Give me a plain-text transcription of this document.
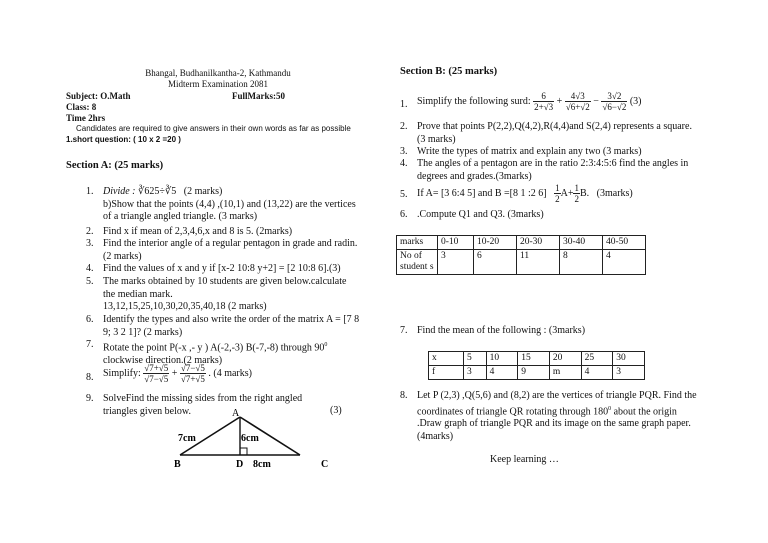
Bhangal, Budhanilkantha-2, Kathmandu
Midterm Examination 2081
Subject: O.Math	FullMarks:50
Class: 8
Time 2hrs
Candidates are required to give answers in their own words as far as possible
1.short question: ( 10 x 2 =20 )
Section A: (25 marks)
1. Divide : ∛625÷∛5 (2 marks)
b)Show that the points (4,4) ,(10,1) and (13,22) are the vertices of a triangle angled triangle. (3 marks)
2. Find x if mean of 2,3,4,6,x and 8 is 5. (2marks)
3. Find the interior angle of a regular pentagon in grade and radin. (2 marks)
4. Find the values of x and y if [x-2 10:8 y+2] = [2 10:8 6].(3)
5. The marks obtained by 10 students are given below.calculate the median mark.
13,12,15,25,10,30,20,35,40,18 (2 marks)
6. Identify the types and also write the order of the matrix A = [7 8 9; 3 2 1]? (2 marks)
7. Rotate the point P(-x ,- y ) A(-2,-3) B(-7,-8) through $90^0$
clockwise direction.(2 marks)
8. Simplify: $\frac{√7+√5}{√7-√5} + \frac{√7-√5}{√7+√5}$ . (4 marks)
9. SolveFind the missing sides from the right angled triangles given below.	(3)
A
B	C
D
7cm	6cm
8cm
Section B: (25 marks)
1. Simplify the following surd: $\frac{6}{2+√3} + \frac{4√3}{√6+√2} - \frac{3√2}{√6-√2} (3)$
2. Prove that points P(2,2),Q(4,2),R(4,4)and S(2,4) represents a square. (3 marks)
3. Write the types of matrix and explain any two (3 marks)
4. The angles of a pentagon are in the ratio 2:3:4:5:6 find the angles in degrees and grades.(3marks)
5. If A= [3 6:4 5] and B =[8 1 :2 $6] \frac{1}{2} A+ \frac{1}{2} B$. (3marks)
6. .Compute Q1 and Q3. (3marks)
marks	0-10	10-20	20-30	30-40	40-50
No of student s	3	6	11	8	4
7. Find the mean of the following : (3marks)
x	5	10	15	20	25	30
f	3	4	9	m	4	3
8. Let P (2,3) ,Q(5,6) and (8,2) are the vertices of triangle PQR. Find the coordinates of triangle QR rotating through $180^0$ about the origin .Draw graph of triangle PQR and its image on the same graph paper. (4marks)
Keep learning …
